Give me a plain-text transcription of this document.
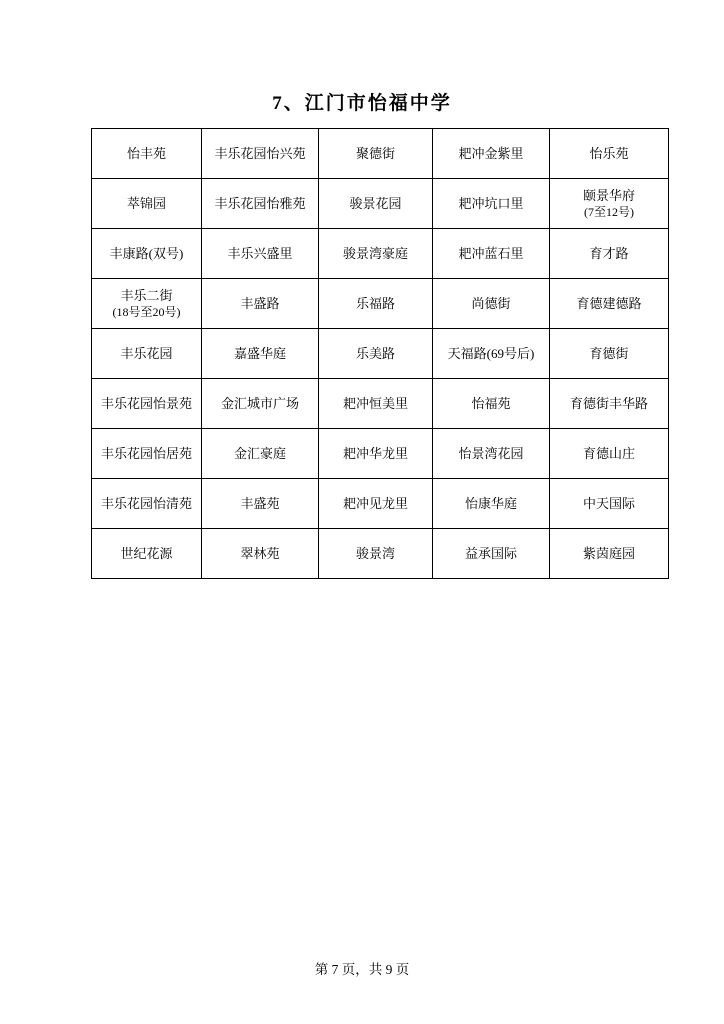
7、江门市怡福中学
怡丰苑	丰乐花园怡兴苑	聚德街	耙冲金紫里	怡乐苑
萃锦园	丰乐花园怡雅苑	骏景花园	耙冲坑口里	颐景华府
(7至12号)

丰康路(双号)	丰乐兴盛里	骏景湾豪庭	耙冲蓝石里	育才路
丰乐二街
(18号至20号)	丰盛路	乐福路	尚德街	育德建德路
丰乐花园	嘉盛华庭	乐美路	天福路(69号后)	育德街
丰乐花园怡景苑	金汇城市广场	耙冲恒美里	怡福苑	育德街丰华路
丰乐花园怡居苑	金汇豪庭	耙冲华龙里	怡景湾花园	育德山庄
丰乐花园怡清苑	丰盛苑	耙冲见龙里	怡康华庭	中天国际
世纪花源	翠林苑	骏景湾	益承国际	紫茵庭园
第 7 页，共 9 页
